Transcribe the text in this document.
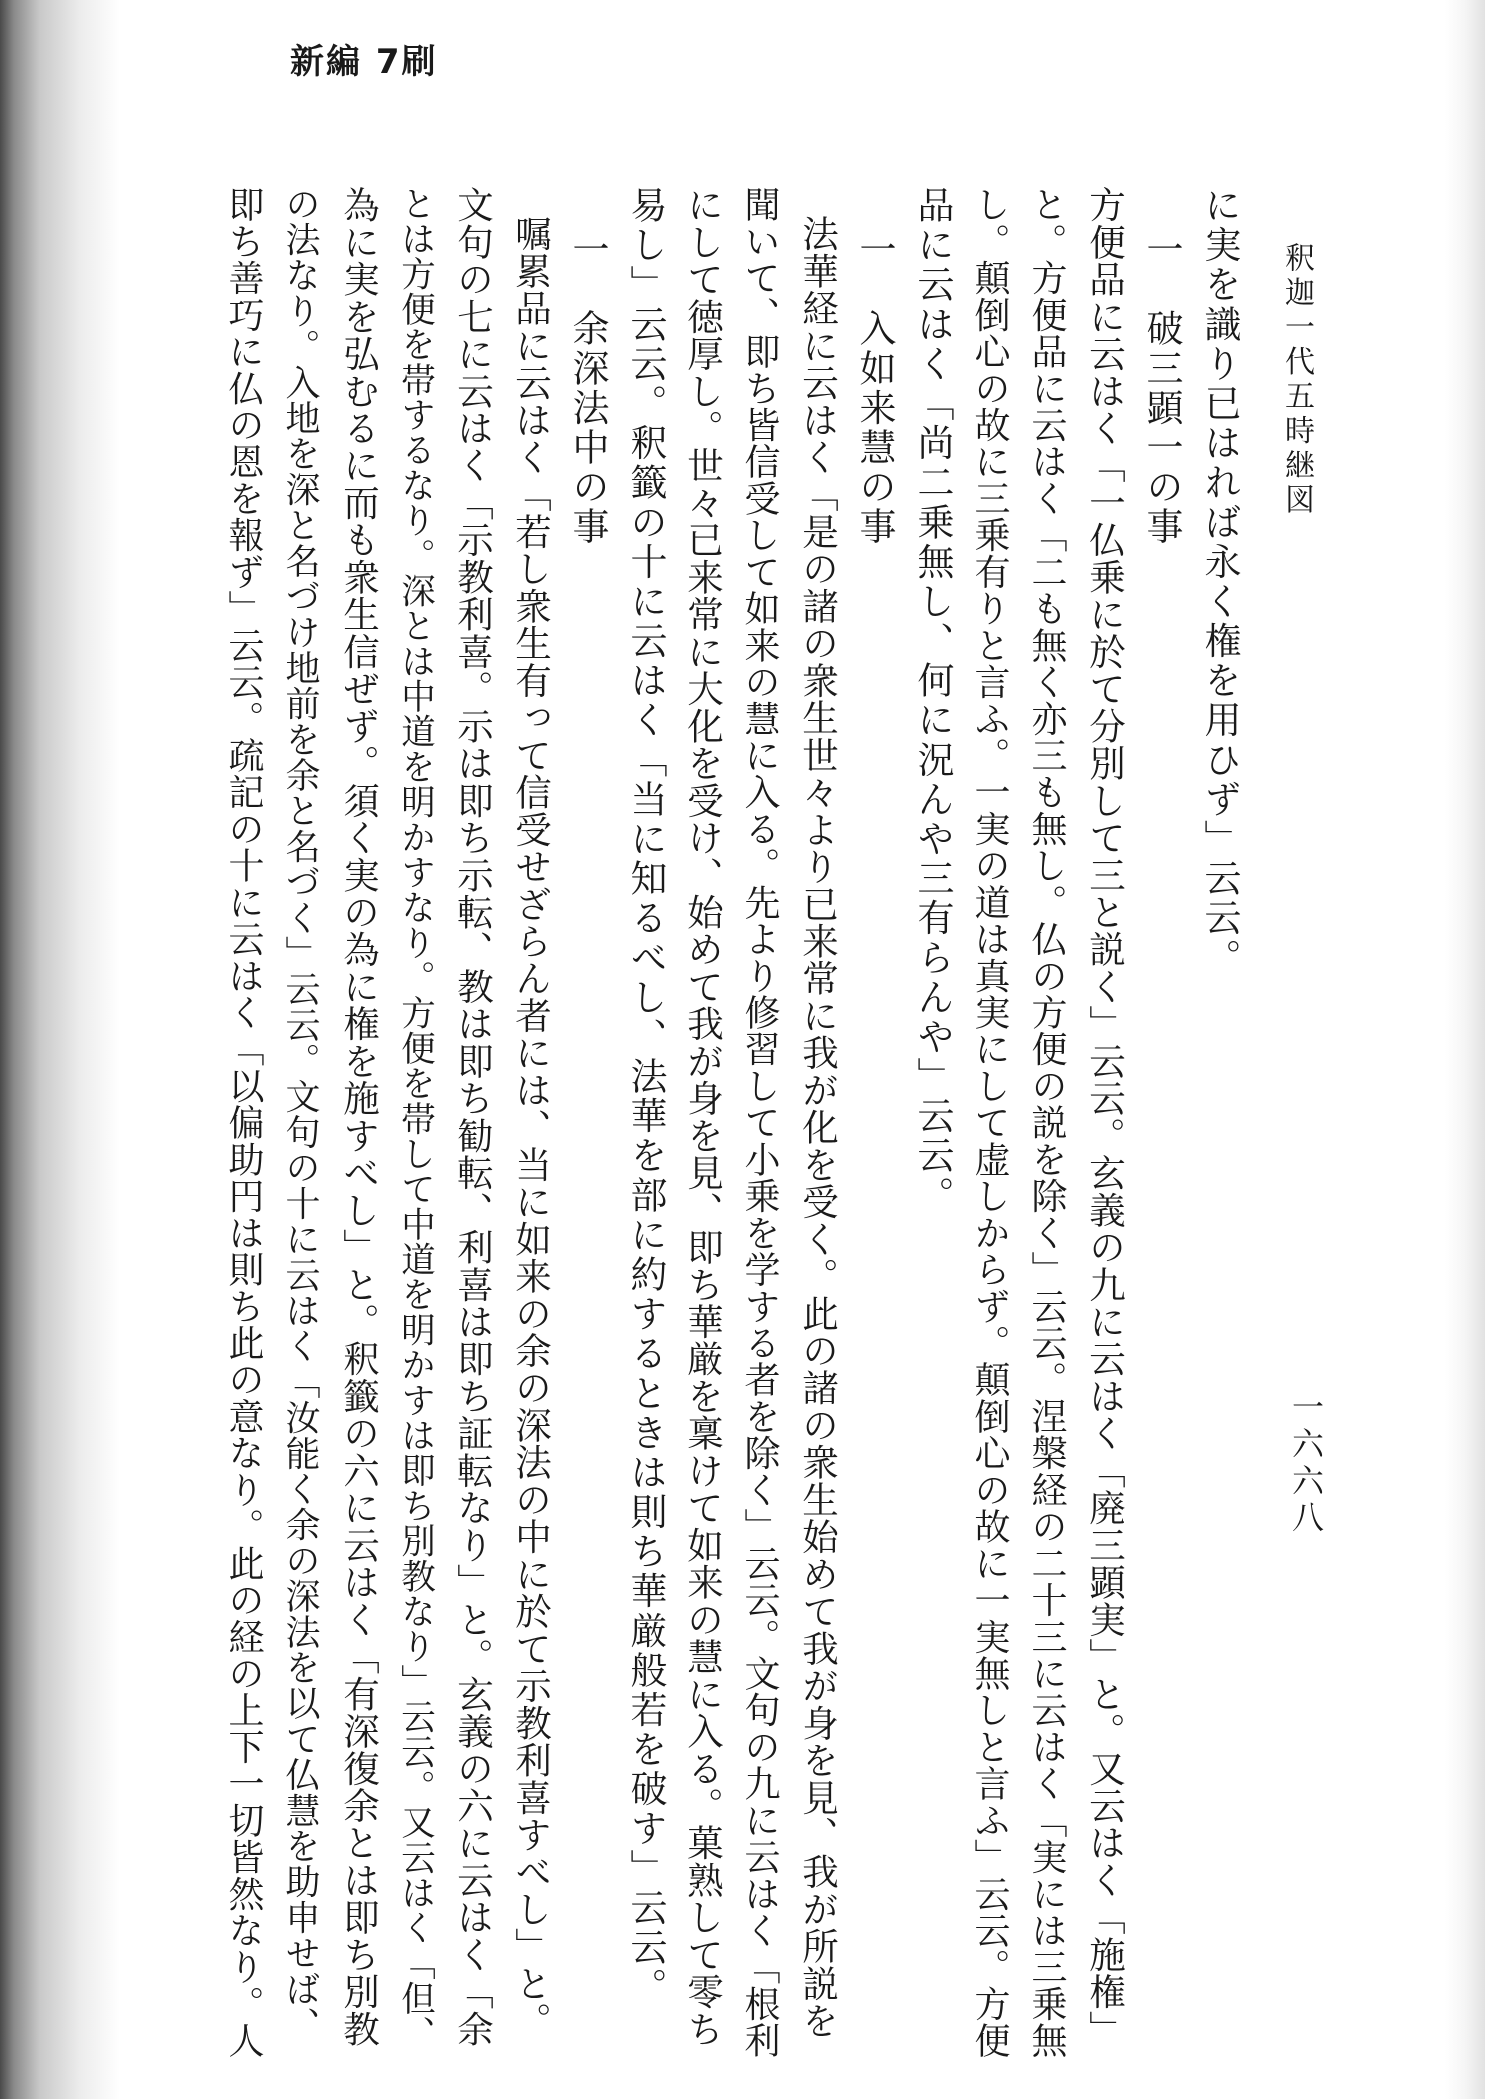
新編 7刷
釈迦一代五時継図
一六六八
に実を識り已はれば永く権を用ひず」云云。
一　破三顕一の事
方便品に云はく「一仏乗に於て分別して三と説く」云云。玄義の九に云はく「廃三顕実」と。又云はく「施権」
と。方便品に云はく「二も無く亦三も無し。仏の方便の説を除く」云云。涅槃経の二十三に云はく「実には三乗無
し。顛倒心の故に三乗有りと言ふ。一実の道は真実にして虚しからず。顛倒心の故に一実無しと言ふ」云云。方便
品に云はく「尚二乗無し、何に況んや三有らんや」云云。
一　入如来慧の事
法華経に云はく「是の諸の衆生世々より已来常に我が化を受く。此の諸の衆生始めて我が身を見、我が所説を
聞いて、即ち皆信受して如来の慧に入る。先より修習して小乗を学する者を除く」云云。文句の九に云はく「根利
にして徳厚し。世々已来常に大化を受け、始めて我が身を見、即ち華厳を稟けて如来の慧に入る。菓熟して零ち
易し」云云。釈籤の十に云はく「当に知るべし、法華を部に約するときは則ち華厳般若を破す」云云。
一　余深法中の事
嘱累品に云はく「若し衆生有って信受せざらん者には、当に如来の余の深法の中に於て示教利喜すべし」と。
文句の七に云はく「示教利喜。示は即ち示転、教は即ち勧転、利喜は即ち証転なり」と。玄義の六に云はく「余
とは方便を帯するなり。深とは中道を明かすなり。方便を帯して中道を明かすは即ち別教なり」云云。又云はく「但、
為に実を弘むるに而も衆生信ぜず。須く実の為に権を施すべし」と。釈籤の六に云はく「有深復余とは即ち別教
の法なり。入地を深と名づけ地前を余と名づく」云云。文句の十に云はく「汝能く余の深法を以て仏慧を助申せば、
即ち善巧に仏の恩を報ず」云云。疏記の十に云はく「以偏助円は則ち此の意なり。此の経の上下一切皆然なり。人
